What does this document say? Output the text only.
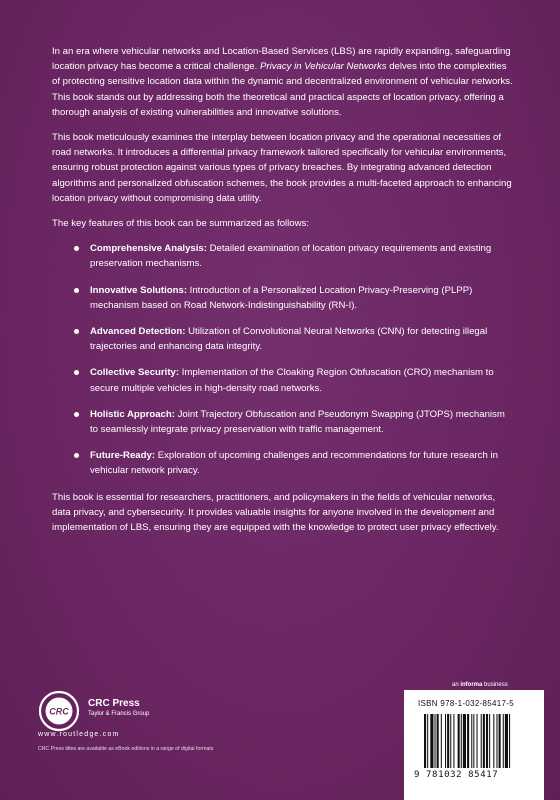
In an era where vehicular networks and Location-Based Services (LBS) are rapidly expanding, safeguarding location privacy has become a critical challenge. Privacy in Vehicular Networks delves into the complexities of protecting sensitive location data within the dynamic and decentralized environment of vehicular networks. This book stands out by addressing both the theoretical and practical aspects of location privacy, offering a thorough analysis of existing vulnerabilities and innovative solutions.

This book meticulously examines the interplay between location privacy and the operational necessities of road networks. It introduces a differential privacy framework tailored specifically for vehicular environments, ensuring robust protection against various types of privacy breaches. By integrating advanced detection algorithms and personalized obfuscation schemes, the book provides a multi-faceted approach to enhancing location privacy without compromising data utility.

The key features of this book can be summarized as follows:

Comprehensive Analysis: Detailed examination of location privacy requirements and existing preservation mechanisms.
Innovative Solutions: Introduction of a Personalized Location Privacy-Preserving (PLPP) mechanism based on Road Network-Indistinguishability (RN-I).
Advanced Detection: Utilization of Convolutional Neural Networks (CNN) for detecting illegal trajectories and enhancing data integrity.
Collective Security: Implementation of the Cloaking Region Obfuscation (CRO) mechanism to secure multiple vehicles in high-density road networks.
Holistic Approach: Joint Trajectory Obfuscation and Pseudonym Swapping (JTOPS) mechanism to seamlessly integrate privacy preservation with traffic management.
Future-Ready: Exploration of upcoming challenges and recommendations for future research in vehicular network privacy.

This book is essential for researchers, practitioners, and policymakers in the fields of vehicular networks, data privacy, and cybersecurity. It provides valuable insights for anyone involved in the development and implementation of LBS, ensuring they are equipped with the knowledge to protect user privacy effectively.

CRC
CRC Press
Taylor & Francis Group
www.routledge.com
CRC Press titles are available as eBook editions in a range of digital formats
an informa business
ISBN 978-1-032-85417-5
9 781032 85417
